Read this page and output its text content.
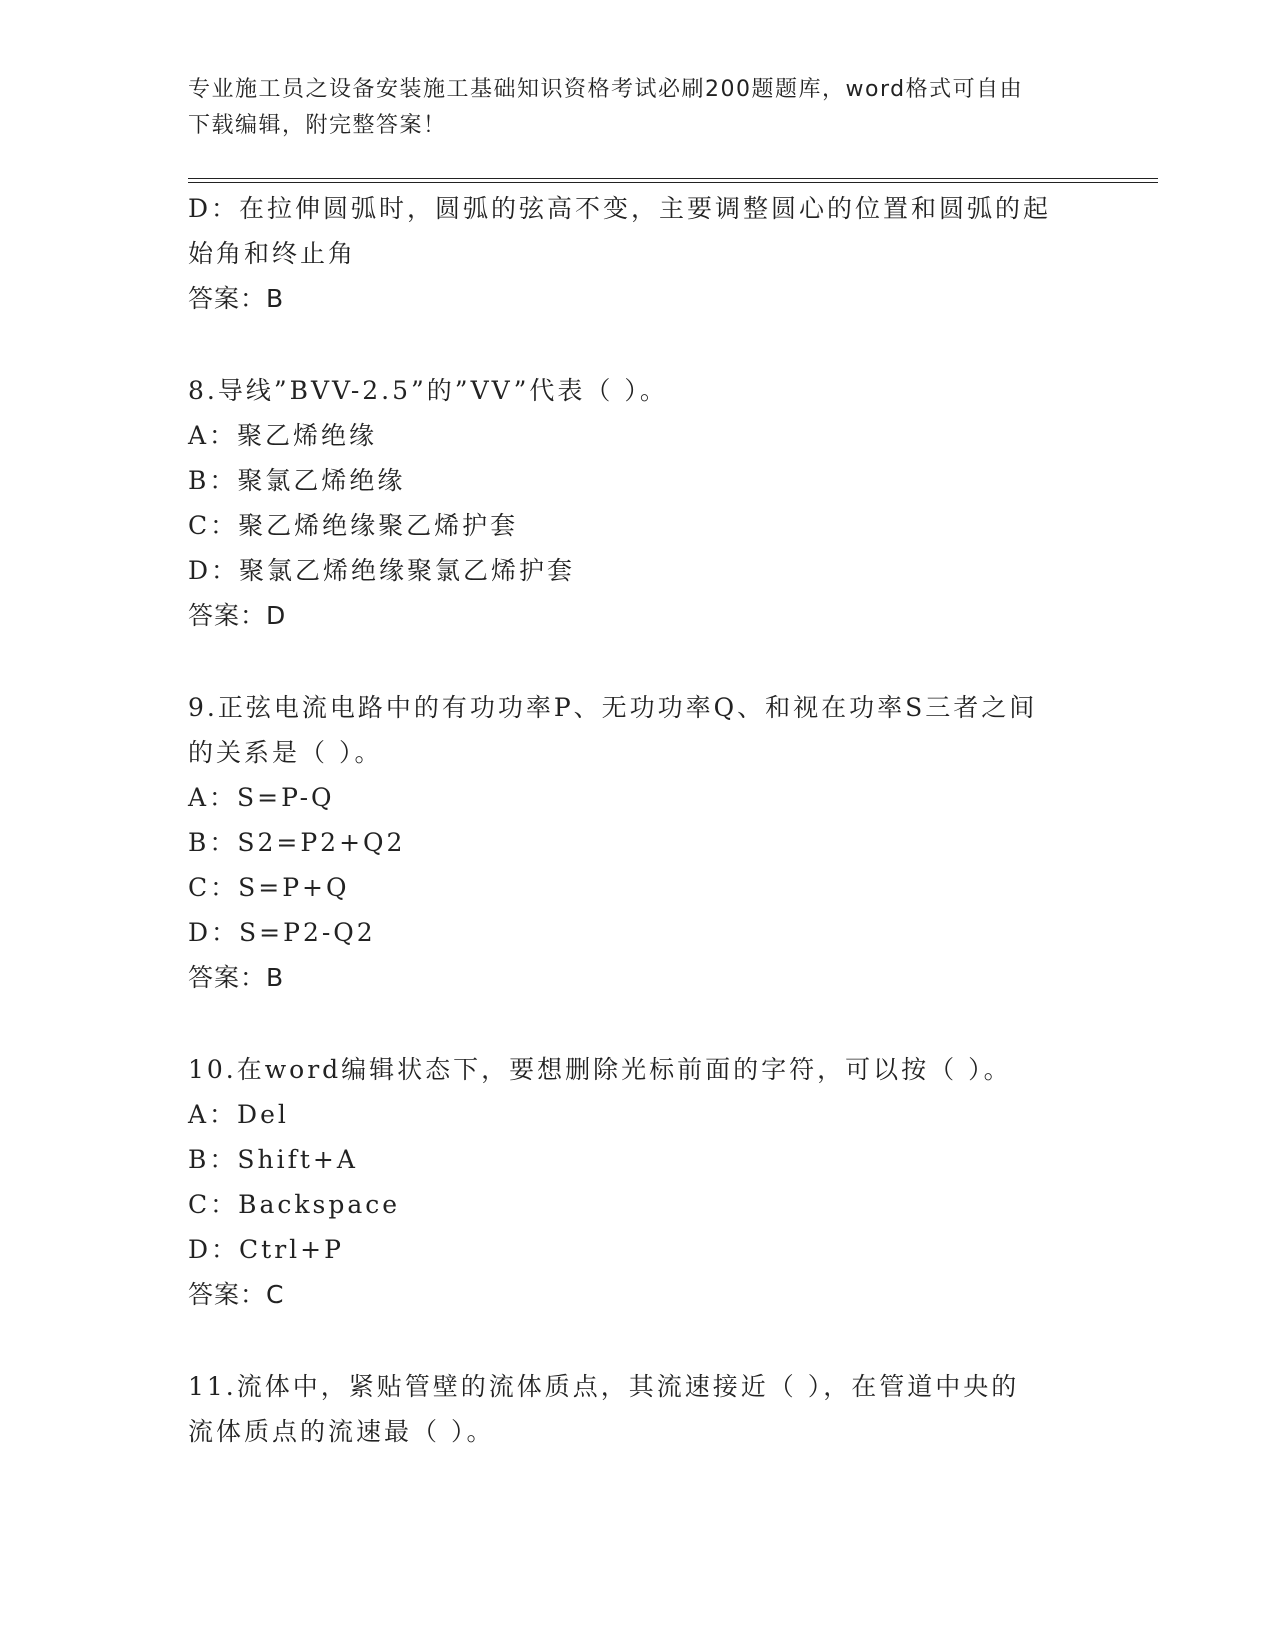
专业施工员之设备安装施工基础知识资格考试必刷200题题库，word格式可自由
下载编辑，附完整答案！
D：在拉伸圆弧时，圆弧的弦高不变，主要调整圆心的位置和圆弧的起
始角和终止角
答案：B
8.导线”BVV-2.5”的”VV”代表（ ）。
A：聚乙烯绝缘
B：聚氯乙烯绝缘
C：聚乙烯绝缘聚乙烯护套
D：聚氯乙烯绝缘聚氯乙烯护套
答案：D
9.正弦电流电路中的有功功率P、无功功率Q、和视在功率S三者之间
的关系是（ ）。
A：S=P-Q
B：S2=P2+Q2
C：S=P+Q
D：S=P2-Q2
答案：B
10.在word编辑状态下，要想删除光标前面的字符，可以按（ ）。
A：Del
B：Shift+A
C：Backspace
D：Ctrl+P
答案：C
11.流体中，紧贴管壁的流体质点，其流速接近（ ），在管道中央的
流体质点的流速最（ ）。
